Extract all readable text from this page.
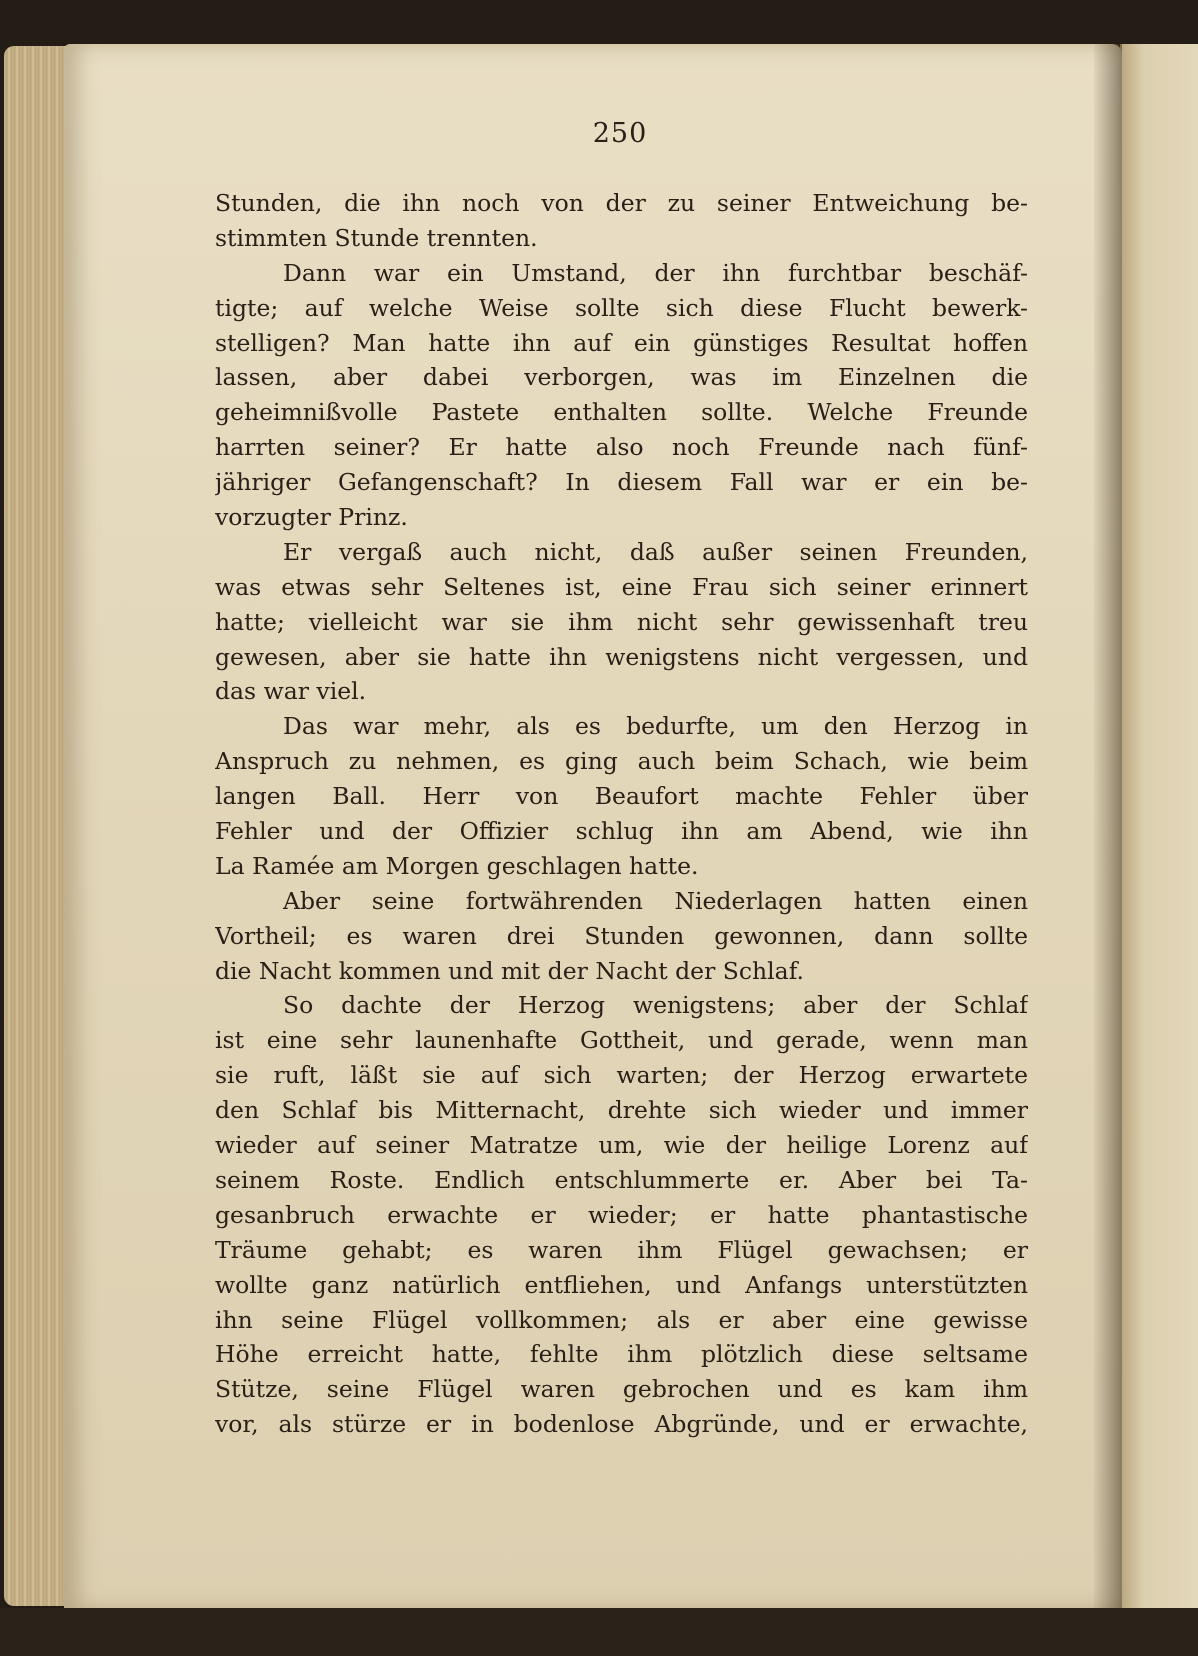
250
Stunden, die ihn noch von der zu seiner Entweichung be-
stimmten Stunde trennten.
Dann war ein Umstand, der ihn furchtbar beschäf-
tigte; auf welche Weise sollte sich diese Flucht bewerk-
stelligen? Man hatte ihn auf ein günstiges Resultat hoffen
lassen, aber dabei verborgen, was im Einzelnen die
geheimnißvolle Pastete enthalten sollte. Welche Freunde
harrten seiner? Er hatte also noch Freunde nach fünf-
jähriger Gefangenschaft? In diesem Fall war er ein be-
vorzugter Prinz.
Er vergaß auch nicht, daß außer seinen Freunden,
was etwas sehr Seltenes ist, eine Frau sich seiner erinnert
hatte; vielleicht war sie ihm nicht sehr gewissenhaft treu
gewesen, aber sie hatte ihn wenigstens nicht vergessen, und
das war viel.
Das war mehr, als es bedurfte, um den Herzog in
Anspruch zu nehmen, es ging auch beim Schach, wie beim
langen Ball. Herr von Beaufort machte Fehler über
Fehler und der Offizier schlug ihn am Abend, wie ihn
La Ramée am Morgen geschlagen hatte.
Aber seine fortwährenden Niederlagen hatten einen
Vortheil; es waren drei Stunden gewonnen, dann sollte
die Nacht kommen und mit der Nacht der Schlaf.
So dachte der Herzog wenigstens; aber der Schlaf
ist eine sehr launenhafte Gottheit, und gerade, wenn man
sie ruft, läßt sie auf sich warten; der Herzog erwartete
den Schlaf bis Mitternacht, drehte sich wieder und immer
wieder auf seiner Matratze um, wie der heilige Lorenz auf
seinem Roste. Endlich entschlummerte er. Aber bei Ta-
gesanbruch erwachte er wieder; er hatte phantastische
Träume gehabt; es waren ihm Flügel gewachsen; er
wollte ganz natürlich entfliehen, und Anfangs unterstützten
ihn seine Flügel vollkommen; als er aber eine gewisse
Höhe erreicht hatte, fehlte ihm plötzlich diese seltsame
Stütze, seine Flügel waren gebrochen und es kam ihm
vor, als stürze er in bodenlose Abgründe, und er erwachte,
